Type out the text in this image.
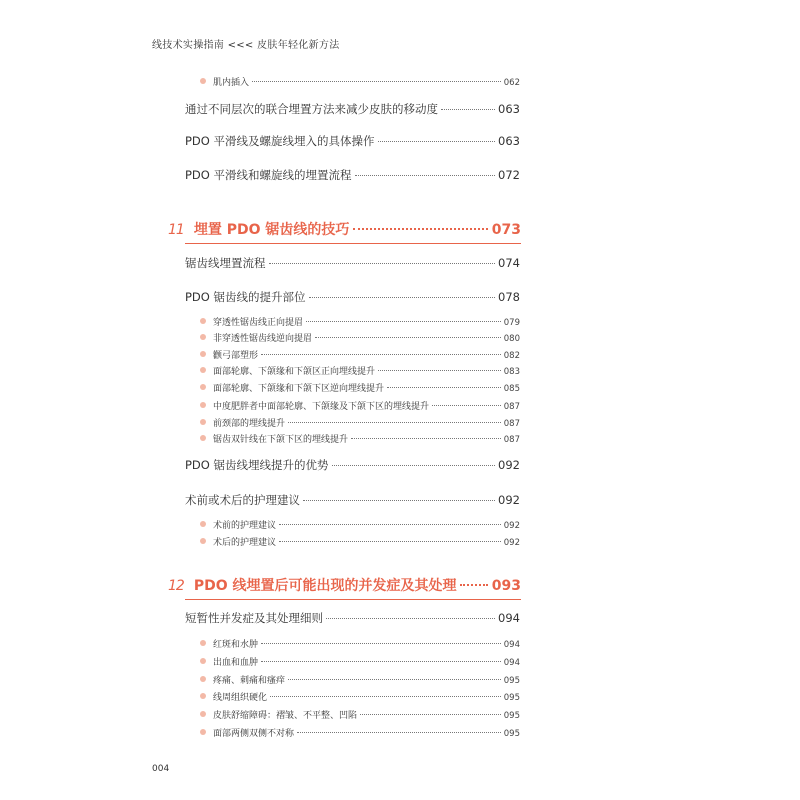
线技术实操指南 <<< 皮肤年轻化新方法
肌内插入	062
通过不同层次的联合埋置方法来减少皮肤的移动度	063
PDO 平滑线及螺旋线埋入的具体操作	063
PDO 平滑线和螺旋线的埋置流程	072
11 埋置 PDO 锯齿线的技巧	073
锯齿线埋置流程	074
PDO 锯齿线的提升部位	078
穿透性锯齿线正向提眉	079
非穿透性锯齿线逆向提眉	080
颧弓部塑形	082
面部轮廓、下颌缘和下颌区正向埋线提升	083
面部轮廓、下颌缘和下颌下区逆向埋线提升	085
中度肥胖者中面部轮廓、下颌缘及下颌下区的埋线提升	087
前颈部的埋线提升	087
锯齿双针线在下颌下区的埋线提升	087
PDO 锯齿线埋线提升的优势	092
术前或术后的护理建议	092
术前的护理建议	092
术后的护理建议	092
12 PDO 线埋置后可能出现的并发症及其处理	093
短暂性并发症及其处理细则	094
红斑和水肿	094
出血和血肿	094
疼痛、刺痛和瘙痒	095
线周组织硬化	095
皮肤舒缩障碍：褶皱、不平整、凹陷	095
面部两侧双侧不对称	095
004
